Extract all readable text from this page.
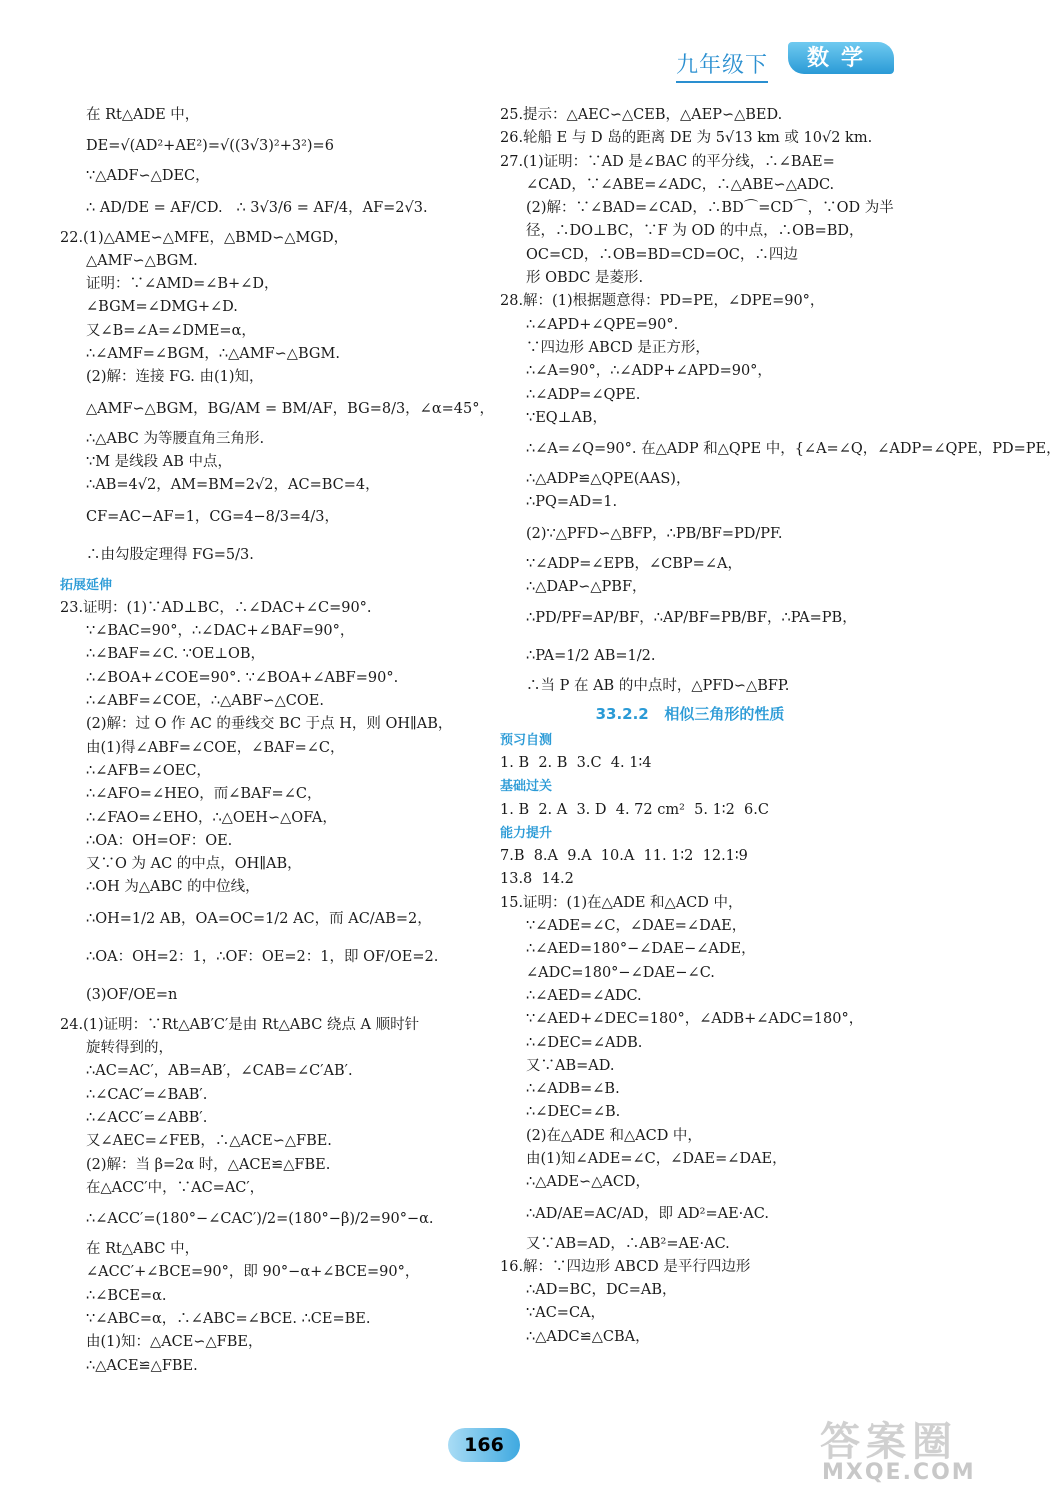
九年级下	数学
在 Rt△ADE 中，
DE=√(AD²+AE²)=√((3√3)²+3²)=6
∵△ADF∽△DEC，
∴ AD/DE = AF/CD.   ∴ 3√3/6 = AF/4，AF=2√3.
22.(1)△AME∽△MFE，△BMD∽△MGD，
△AMF∽△BGM.
证明：∵∠AMD=∠B+∠D，
∠BGM=∠DMG+∠D.
又∠B=∠A=∠DME=α，
∴∠AMF=∠BGM，∴△AMF∽△BGM.
(2)解：连接 FG. 由(1)知，
△AMF∽△BGM，BG/AM = BM/AF，BG=8/3，∠α=45°，
∴△ABC 为等腰直角三角形.
∵M 是线段 AB 中点，
∴AB=4√2，AM=BM=2√2，AC=BC=4，
CF=AC−AF=1，CG=4−8/3=4/3，
∴由勾股定理得 FG=5/3.
拓展延伸
23.证明：(1)∵AD⊥BC，∴∠DAC+∠C=90°.
∵∠BAC=90°，∴∠DAC+∠BAF=90°，
∴∠BAF=∠C. ∵OE⊥OB，
∴∠BOA+∠COE=90°. ∵∠BOA+∠ABF=90°.
∴∠ABF=∠COE，∴△ABF∽△COE.
(2)解：过 O 作 AC 的垂线交 BC 于点 H，则 OH∥AB，
由(1)得∠ABF=∠COE，∠BAF=∠C，
∴∠AFB=∠OEC，
∴∠AFO=∠HEO，而∠BAF=∠C，
∴∠FAO=∠EHO，∴△OEH∽△OFA，
∴OA：OH=OF：OE.
又∵O 为 AC 的中点，OH∥AB，
∴OH 为△ABC 的中位线，
∴OH=1/2 AB，OA=OC=1/2 AC，而 AC/AB=2，
∴OA：OH=2：1，∴OF：OE=2：1，即 OF/OE=2.
(3)OF/OE=n
24.(1)证明：∵Rt△AB′C′是由 Rt△ABC 绕点 A 顺时针
旋转得到的，
∴AC=AC′，AB=AB′，∠CAB=∠C′AB′.
∴∠CAC′=∠BAB′.
∴∠ACC′=∠ABB′.
又∠AEC=∠FEB，∴△ACE∽△FBE.
(2)解：当 β=2α 时，△ACE≌△FBE.
在△ACC′中，∵AC=AC′，
∴∠ACC′=(180°−∠CAC′)/2=(180°−β)/2=90°−α.
在 Rt△ABC 中，
∠ACC′+∠BCE=90°，即 90°−α+∠BCE=90°，
∴∠BCE=α.
∵∠ABC=α，∴∠ABC=∠BCE. ∴CE=BE.
由(1)知：△ACE∽△FBE，
∴△ACE≌△FBE.
25.提示：△AEC∽△CEB，△AEP∽△BED.
26.轮船 E 与 D 岛的距离 DE 为 5√13 km 或 10√2 km.
27.(1)证明：∵AD 是∠BAC 的平分线，∴∠BAE=
∠CAD，∵∠ABE=∠ADC，∴△ABE∽△ADC.
(2)解：∵∠BAD=∠CAD，∴BD⌒=CD⌒，∵OD 为半
径，∴DO⊥BC，∵F 为 OD 的中点，∴OB=BD，
OC=CD，∴OB=BD=CD=OC，∴四边
形 OBDC 是菱形.
28.解：(1)根据题意得：PD=PE，∠DPE=90°，
∴∠APD+∠QPE=90°.
∵四边形 ABCD 是正方形，
∴∠A=90°，∴∠ADP+∠APD=90°，
∴∠ADP=∠QPE.
∵EQ⊥AB，
∴∠A=∠Q=90°. 在△ADP 和△QPE 中，{∠A=∠Q，∠ADP=∠QPE，PD=PE，
∴△ADP≌△QPE(AAS)，
∴PQ=AD=1.
(2)∵△PFD∽△BFP，∴PB/BF=PD/PF.
∵∠ADP=∠EPB，∠CBP=∠A，
∴△DAP∽△PBF，
∴PD/PF=AP/BF，∴AP/BF=PB/BF，∴PA=PB，
∴PA=1/2 AB=1/2.
∴当 P 在 AB 的中点时，△PFD∽△BFP.
33.2.2   相似三角形的性质
预习自测
1. B  2. B  3.C  4. 1∶4
基础过关
1. B  2. A  3. D  4. 72 cm²  5. 1∶2  6.C
能力提升
7.B  8.A  9.A  10.A  11. 1∶2  12.1∶9
13.8  14.2
15.证明：(1)在△ADE 和△ACD 中，
∵∠ADE=∠C，∠DAE=∠DAE，
∴∠AED=180°−∠DAE−∠ADE，
∠ADC=180°−∠DAE−∠C.
∴∠AED=∠ADC.
∵∠AED+∠DEC=180°，∠ADB+∠ADC=180°，
∴∠DEC=∠ADB.
又∵AB=AD.
∴∠ADB=∠B.
∴∠DEC=∠B.
(2)在△ADE 和△ACD 中，
由(1)知∠ADE=∠C，∠DAE=∠DAE，
∴△ADE∽△ACD，
∴AD/AE=AC/AD，即 AD²=AE·AC.
又∵AB=AD，∴AB²=AE·AC.
16.解：∵四边形 ABCD 是平行四边形
∴AD=BC，DC=AB，
∵AC=CA，
∴△ADC≌△CBA，
166	答案圈
MXQE.COM
